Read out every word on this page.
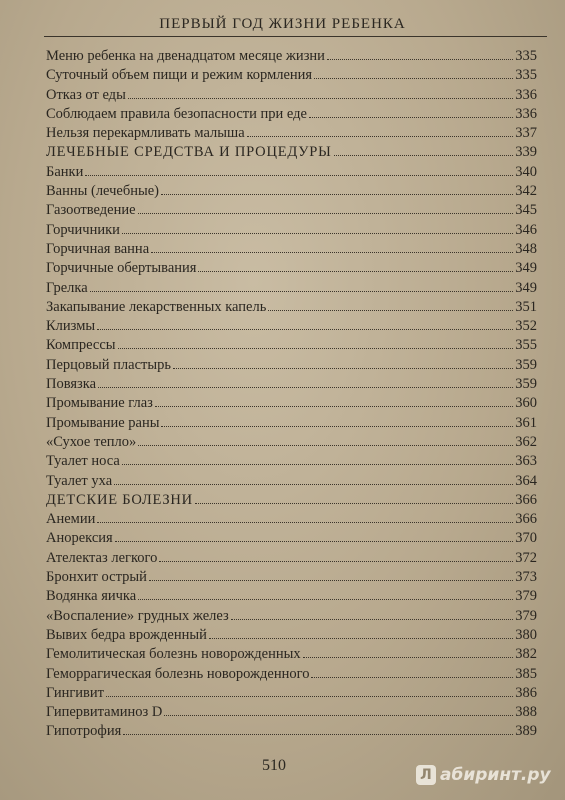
ПЕРВЫЙ ГОД ЖИЗНИ РЕБЕНКА
Меню ребенка на двенадцатом месяце жизни	335
Суточный объем пищи и режим кормления	335
Отказ от еды	336
Соблюдаем правила безопасности при еде	336
Нельзя перекармливать малыша	337
ЛЕЧЕБНЫЕ СРЕДСТВА И ПРОЦЕДУРЫ	339
Банки	340
Ванны (лечебные)	342
Газоотведение	345
Горчичники	346
Горчичная ванна	348
Горчичные обертывания	349
Грелка	349
Закапывание лекарственных капель	351
Клизмы	352
Компрессы	355
Перцовый пластырь	359
Повязка	359
Промывание глаз	360
Промывание раны	361
«Сухое тепло»	362
Туалет носа	363
Туалет уха	364
ДЕТСКИЕ БОЛЕЗНИ	366
Анемии	366
Анорексия	370
Ателектаз легкого	372
Бронхит острый	373
Водянка яичка	379
«Воспаление» грудных желез	379
Вывих бедра врожденный	380
Гемолитическая болезнь новорожденных	382
Геморрагическая болезнь новорожденного	385
Гингивит	386
Гипервитаминоз D	388
Гипотрофия	389
510
Л абиринт.ру
